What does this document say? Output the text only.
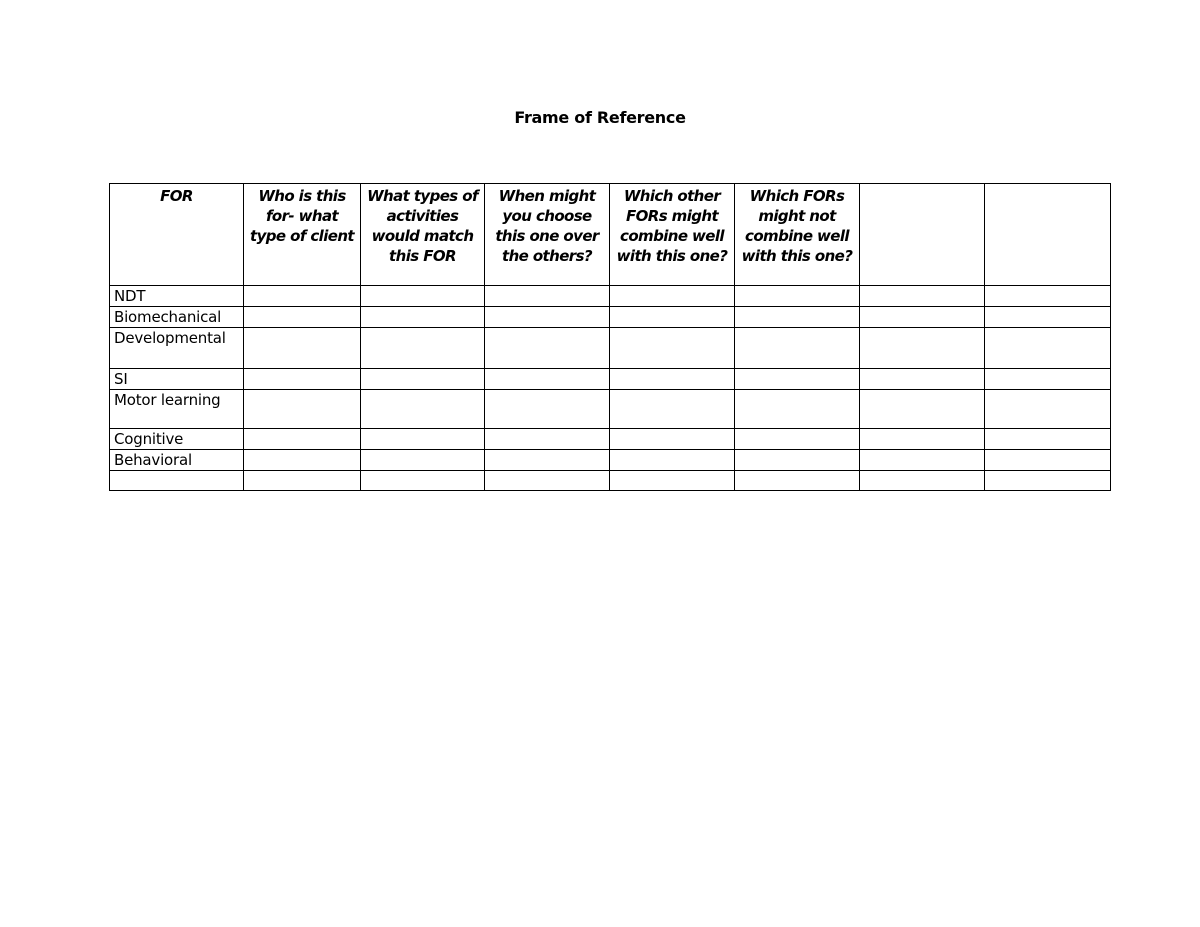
Frame of Reference
FOR	Who is this for- what type of client	What types of activities would match this FOR	When might you choose this one over the others?	Which other FORs might combine well with this one?	Which FORs might not combine well with this one?		
NDT							
Biomechanical							
Developmental							
SI							
Motor learning							
Cognitive							
Behavioral							
